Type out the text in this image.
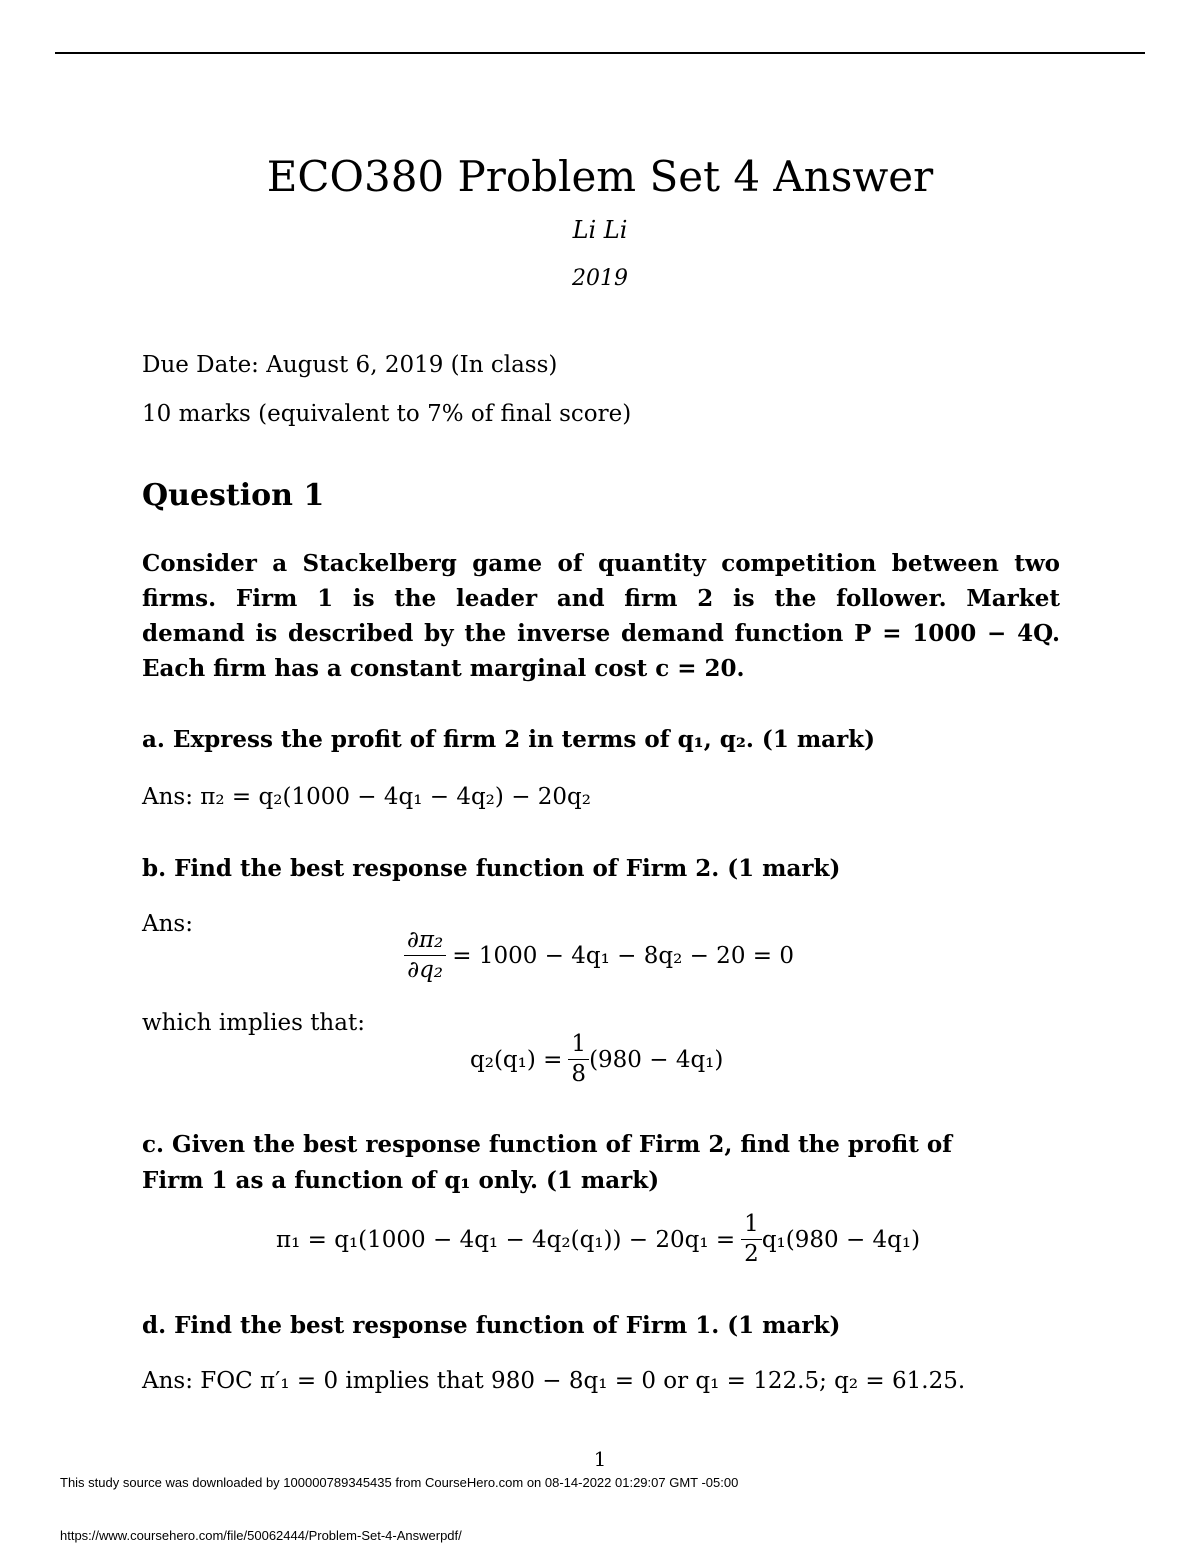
ECO380 Problem Set 4 Answer
Li Li
2019
Due Date: August 6, 2019 (In class)
10 marks (equivalent to 7% of final score)
Question 1
Consider a Stackelberg game of quantity competition between two
firms. Firm 1 is the leader and firm 2 is the follower. Market
demand is described by the inverse demand function P = 1000 − 4Q.
Each firm has a constant marginal cost c = 20.
a. Express the profit of firm 2 in terms of q₁, q₂. (1 mark)
Ans: π₂ = q₂(1000 − 4q₁ − 4q₂) − 20q₂
b. Find the best response function of Firm 2. (1 mark)
Ans:
$\frac{\text{∂π₂}}{\text{∂q₂}} = 1000 - 4q_1 - 8q_2 - 20 = 0$
which implies that:
$q_2(q_1) = \frac{1}{8} (980 - 4q_1)$
c. Given the best response function of Firm 2, find the profit of
Firm 1 as a function of q₁ only. (1 mark)
$\pi_1 = q_1(1000 - 4q_1 - 4q_2(q_1)) - 20q_1 = \frac{1}{2} q_1(980 - 4q_1)$
d. Find the best response function of Firm 1. (1 mark)
Ans: FOC π′₁ = 0 implies that 980 − 8q₁ = 0 or q₁ = 122.5; q₂ = 61.25.
1
This study source was downloaded by 100000789345435 from CourseHero.com on 08-14-2022 01:29:07 GMT -05:00
https://www.coursehero.com/file/50062444/Problem-Set-4-Answerpdf/
